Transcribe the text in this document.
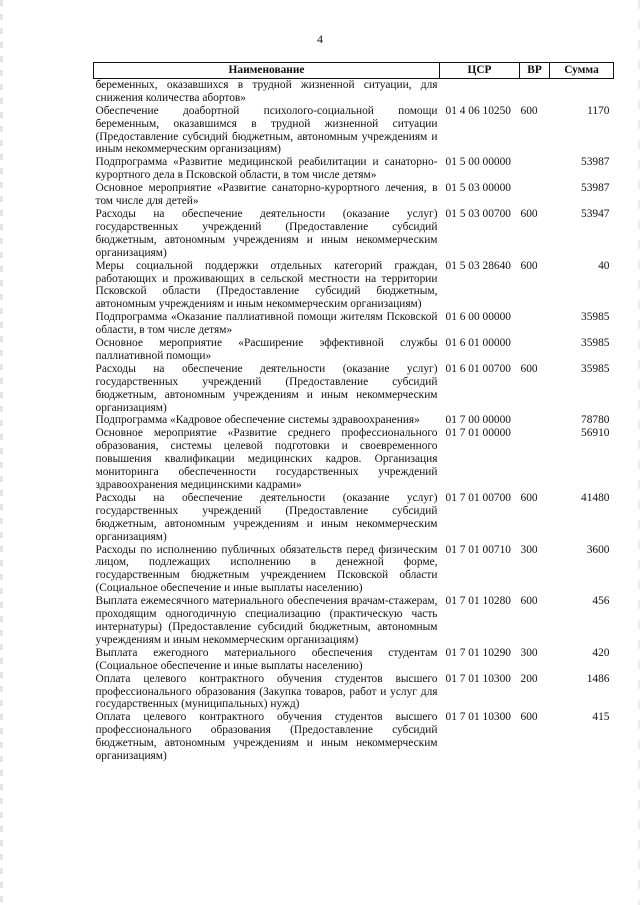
4
Наименование	ЦСР	ВР	Сумма
беременных, оказавшихся в трудной жизненной ситуации, для снижения количества абортов»			
Обеспечение доабортной психолого-социальной помощи беременным, оказавшимся в трудной жизненной ситуации (Предоставление субсидий бюджетным, автономным учреждениям и иным некоммерческим организациям)	01 4 06 10250	600	1170
Подпрограмма «Развитие медицинской реабилитации и санаторно-курортного дела в Псковской области, в том числе детям»	01 5 00 00000		53987
Основное мероприятие «Развитие санаторно-курортного лечения, в том числе для детей»	01 5 03 00000		53987
Расходы на обеспечение деятельности (оказание услуг) государственных учреждений (Предоставление субсидий бюджетным, автономным учреждениям и иным некоммерческим организациям)	01 5 03 00700	600	53947
Меры социальной поддержки отдельных категорий граждан, работающих и проживающих в сельской местности на территории Псковской области (Предоставление субсидий бюджетным, автономным учреждениям и иным некоммерческим организациям)	01 5 03 28640	600	40
Подпрограмма «Оказание паллиативной помощи жителям Псковской области, в том числе детям»	01 6 00 00000		35985
Основное мероприятие «Расширение эффективной службы паллиативной помощи»	01 6 01 00000		35985
Расходы на обеспечение деятельности (оказание услуг) государственных учреждений (Предоставление субсидий бюджетным, автономным учреждениям и иным некоммерческим организациям)	01 6 01 00700	600	35985
Подпрограмма «Кадровое обеспечение системы здравоохранения»	01 7 00 00000		78780
Основное мероприятие «Развитие среднего профессионального образования, системы целевой подготовки и своевременного повышения квалификации медицинских кадров. Организация мониторинга обеспеченности государственных учреждений здравоохранения медицинскими кадрами»	01 7 01 00000		56910
Расходы на обеспечение деятельности (оказание услуг) государственных учреждений (Предоставление субсидий бюджетным, автономным учреждениям и иным некоммерческим организациям)	01 7 01 00700	600	41480
Расходы по исполнению публичных обязательств перед физическим лицом, подлежащих исполнению в денежной форме, государственным бюджетным учреждением Псковской области (Социальное обеспечение и иные выплаты населению)	01 7 01 00710	300	3600
Выплата ежемесячного материального обеспечения врачам-стажерам, проходящим одногодичную специализацию (практическую часть интернатуры) (Предоставление субсидий бюджетным, автономным учреждениям и иным некоммерческим организациям)	01 7 01 10280	600	456
Выплата ежегодного материального обеспечения студентам (Социальное обеспечение и иные выплаты населению)	01 7 01 10290	300	420
Оплата целевого контрактного обучения студентов высшего профессионального образования (Закупка товаров, работ и услуг для государственных (муниципальных) нужд)	01 7 01 10300	200	1486
Оплата целевого контрактного обучения студентов высшего профессионального образования (Предоставление субсидий бюджетным, автономным учреждениям и иным некоммерческим организациям)	01 7 01 10300	600	415
